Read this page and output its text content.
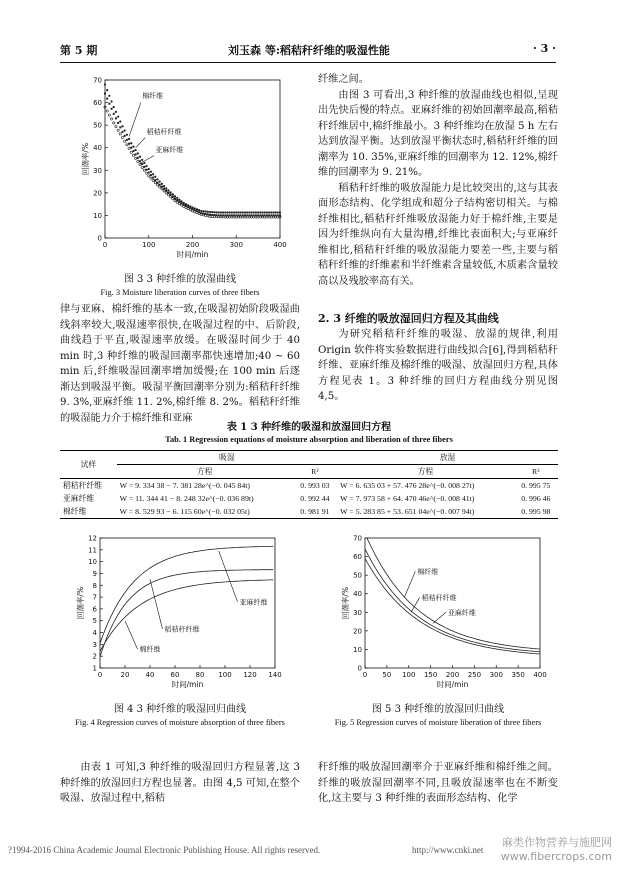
第 5 期	刘玉森 等:稻秸秆纤维的吸湿性能	· 3 ·
0	100	200	300	400
0
10
20
30
40
50
60
70
时间/min
回潮率/%
棉纤维
稻秸秆纤维
亚麻纤维
图 3 3 种纤维的放湿曲线
Fig. 3 Moisture liberation curves of three fibers

律与亚麻、棉纤维的基本一致,在吸湿初始阶段吸湿曲线斜率较大,吸湿速率很快,在吸湿过程的中、后阶段,曲线趋于平直,吸湿速率放缓。在吸湿时间少于 40 min 时,3 种纤维的吸湿回潮率都快速增加;40 ~ 60 min 后,纤维吸湿回潮率增加缓慢;在 100 min 后逐渐达到吸湿平衡。吸湿平衡回潮率分别为:稻秸秆纤维 9. 3%,亚麻纤维 11. 2%,棉纤维 8. 2%。稻秸秆纤维的吸湿能力介于棉纤维和亚麻

纤维之间。

由图 3 可看出,3 种纤维的放湿曲线也相似,呈现出先快后慢的特点。亚麻纤维的初始回潮率最高,稻秸秆纤维居中,棉纤维最小。3 种纤维均在放湿 5 h 左右达到放湿平衡。达到放湿平衡状态时,稻秸秆纤维的回潮率为 10. 35%,亚麻纤维的回潮率为 12. 12%,棉纤维的回潮率为 9. 21%。

稻秸秆纤维的吸放湿能力是比较突出的,这与其表面形态结构、化学组成和超分子结构密切相关。与棉纤维相比,稻秸秆纤维吸放湿能力好于棉纤维,主要是因为纤维纵向有大量沟槽,纤维比表面积大;与亚麻纤维相比,稻秸秆纤维的吸放湿能力要差一些,主要与稻秸秆纤维的纤维素和半纤维素含量较低,木质素含量较高以及残胶率高有关。

2. 3 纤维的吸放湿回归方程及其曲线

为研究稻秸秆纤维的吸湿、放湿的规律,利用 Origin 软件将实验数据进行曲线拟合[6],得到稻秸秆纤维、亚麻纤维及棉纤维的吸湿、放湿回归方程,具体方程见表 1。3 种纤维的回归方程曲线分别见图 4,5。

表 1 3 种纤维的吸湿和放湿回归方程
Tab. 1 Regression equations of moisture absorption and liberation of three fibers
试样	吸湿		放湿	
	方程	R²	方程	R²
稻秸秆纤维	W = 9. 334 38 − 7. 381 28e^(−0. 045 84t)	0. 993 03	W = 6. 635 03 + 57. 476 28e^(−0. 008 27t)	0. 995 75
亚麻纤维	W = 11. 344 41 − 8. 248 32e^(−0. 036 89t)	0. 992 44	W = 7. 973 58 + 64. 470 46e^(−0. 008 41t)	0. 996 46
棉纤维	W = 8. 529 93 − 6. 115 60e^(−0. 032 05t)	0. 981 91	W = 5. 283 85 + 53. 651 04e^(−0. 007 94t)	0. 995 98
0	20 40 60 80 100 120 140
1
2
3
4
5
6
7
8
9
10
11
12
时间/min
回潮率/%	亚麻纤维
稻秸秆纤维
棉纤维
图 4 3 种纤维的吸湿回归曲线
Fig. 4 Regression curves of moisture absorption of three fibers
0 50 100 150 200 250 300 350 400
0
10
20
30
40
50
60
70
时间/min
回潮率/%
棉纤维
稻秸秆纤维
亚麻纤维
图 5 3 种纤维的放湿回归曲线
Fig. 5 Regression curves of moisture liberation of three fibers

由表 1 可知,3 种纤维的吸湿回归方程显著,这 3 种纤维的放湿回归方程也显著。由图 4,5 可知,在整个吸湿、放湿过程中,稻秸

秆纤维的吸放湿回潮率介于亚麻纤维和棉纤维之间。纤维的吸放湿回潮率不同,且吸放湿速率也在不断变化,这主要与 3 种纤维的表面形态结构、化学

?1994-2016 China Academic Journal Electronic Publishing House. All rights reserved.	http://www.cnki.net
麻类作物营养与施肥网
www.fibercrops.com
